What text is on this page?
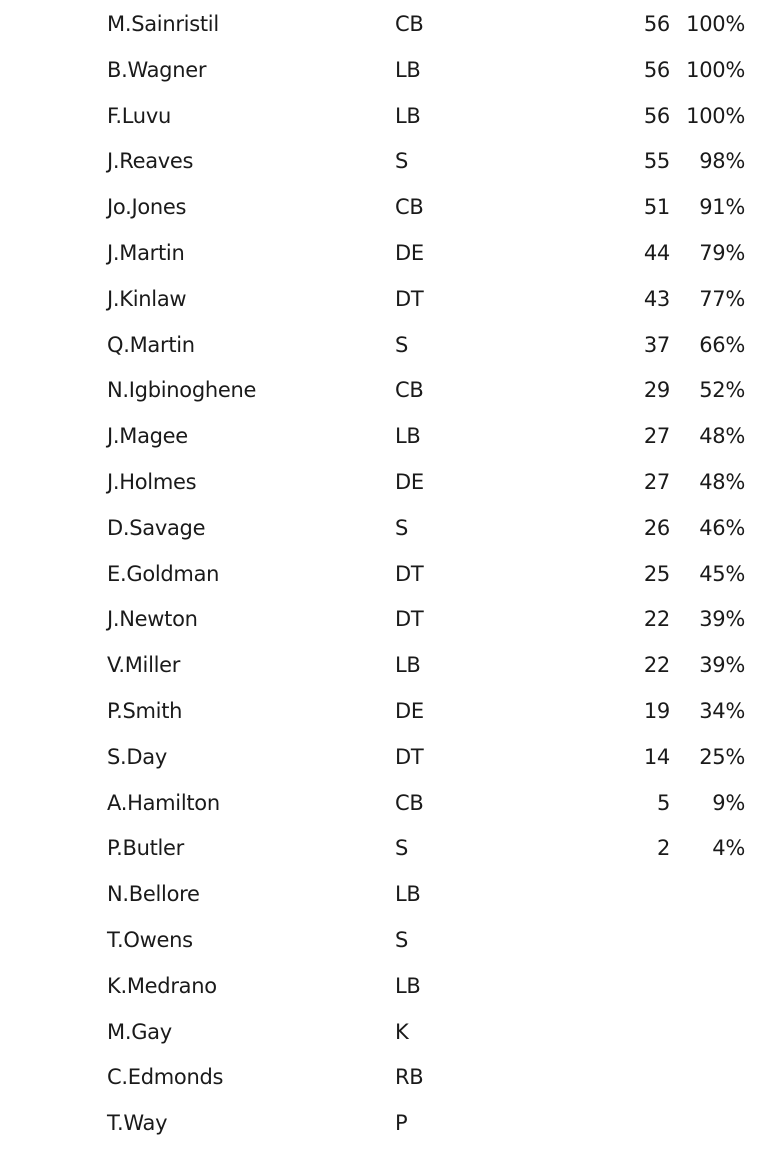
M.Sainristil	CB	56 100%
B.Wagner	LB	56 100%
F.Luvu	LB	56 100%
J.Reaves	S	55	98%
Jo.Jones	CB	51	91%
J.Martin	DE	44	79%
J.Kinlaw	DT	43	77%
Q.Martin	S	37	66%
N.Igbinoghene	CB	29	52%
J.Magee	LB	27	48%
J.Holmes	DE	27	48%
D.Savage	S	26	46%
E.Goldman	DT	25	45%
J.Newton	DT	22	39%
V.Miller	LB	22	39%
P.Smith	DE	19	34%
S.Day	DT	14	25%
A.Hamilton	CB	5	9%
P.Butler	S	2	4%
N.Bellore	LB
T.Owens	S
K.Medrano	LB
M.Gay	K
C.Edmonds	RB
T.Way	P
